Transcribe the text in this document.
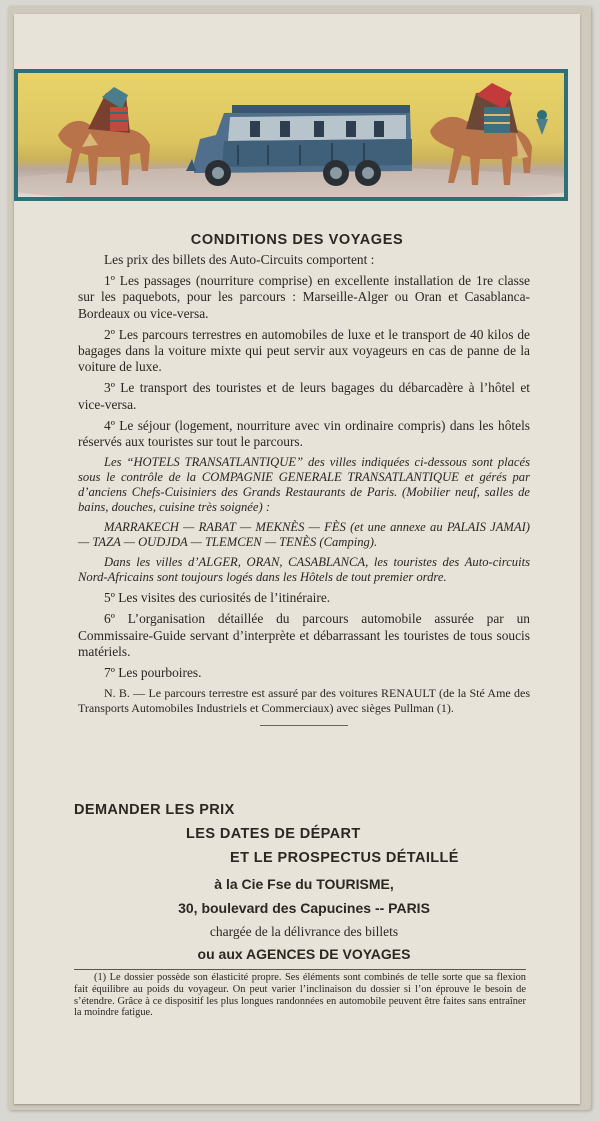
CONDITIONS DES VOYAGES

Les prix des billets des Auto-Circuits comportent :

1º Les passages (nourriture comprise) en excellente installation de 1re classe sur les paquebots, pour les parcours : Marseille-Alger ou Oran et Casablanca-Bordeaux ou vice-versa.

2º Les parcours terrestres en automobiles de luxe et le transport de 40 kilos de bagages dans la voiture mixte qui peut servir aux voyageurs en cas de panne de la voiture de luxe.

3º Le transport des touristes et de leurs bagages du débarcadère à l’hôtel et vice-versa.

4º Le séjour (logement, nourriture avec vin ordinaire compris) dans les hôtels réservés aux touristes sur tout le parcours.

Les “HOTELS TRANSATLANTIQUE” des villes indiquées ci-dessous sont placés sous le contrôle de la COMPAGNIE GENERALE TRANSATLANTIQUE et gérés par d’anciens Chefs-Cuisiniers des Grands Restaurants de Paris. (Mobilier neuf, salles de bains, douches, cuisine très soignée) :

MARRAKECH — RABAT — MEKNÈS — FÈS (et une annexe au PALAIS JAMAI) — TAZA — OUDJDA — TLEMCEN — TENÈS (Camping).

Dans les villes d’ALGER, ORAN, CASABLANCA, les touristes des Auto-circuits Nord-Africains sont toujours logés dans les Hôtels de tout premier ordre.

5º Les visites des curiosités de l’itinéraire.

6º L’organisation détaillée du parcours automobile assurée par un Commissaire-Guide servant d’interprète et débarrassant les touristes de tous soucis matériels.

7º Les pourboires.

N. B. — Le parcours terrestre est assuré par des voitures RENAULT (de la Sté Ame des Transports Automobiles Industriels et Commerciaux) avec sièges Pullman (1).

DEMANDER LES PRIX
LES DATES DE DÉPART
ET LE PROSPECTUS DÉTAILLÉ
à la Cie Fse du TOURISME,
30, boulevard des Capucines -- PARIS
chargée de la délivrance des billets
ou aux AGENCES DE VOYAGES

(1) Le dossier possède son élasticité propre. Ses éléments sont combinés de telle sorte que sa flexion fait équilibre au poids du voyageur. On peut varier l’inclinaison du dossier si l’on éprouve le besoin de s’étendre. Grâce à ce dispositif les plus longues randonnées en automobile peuvent être faites sans entraîner la moindre fatigue.
